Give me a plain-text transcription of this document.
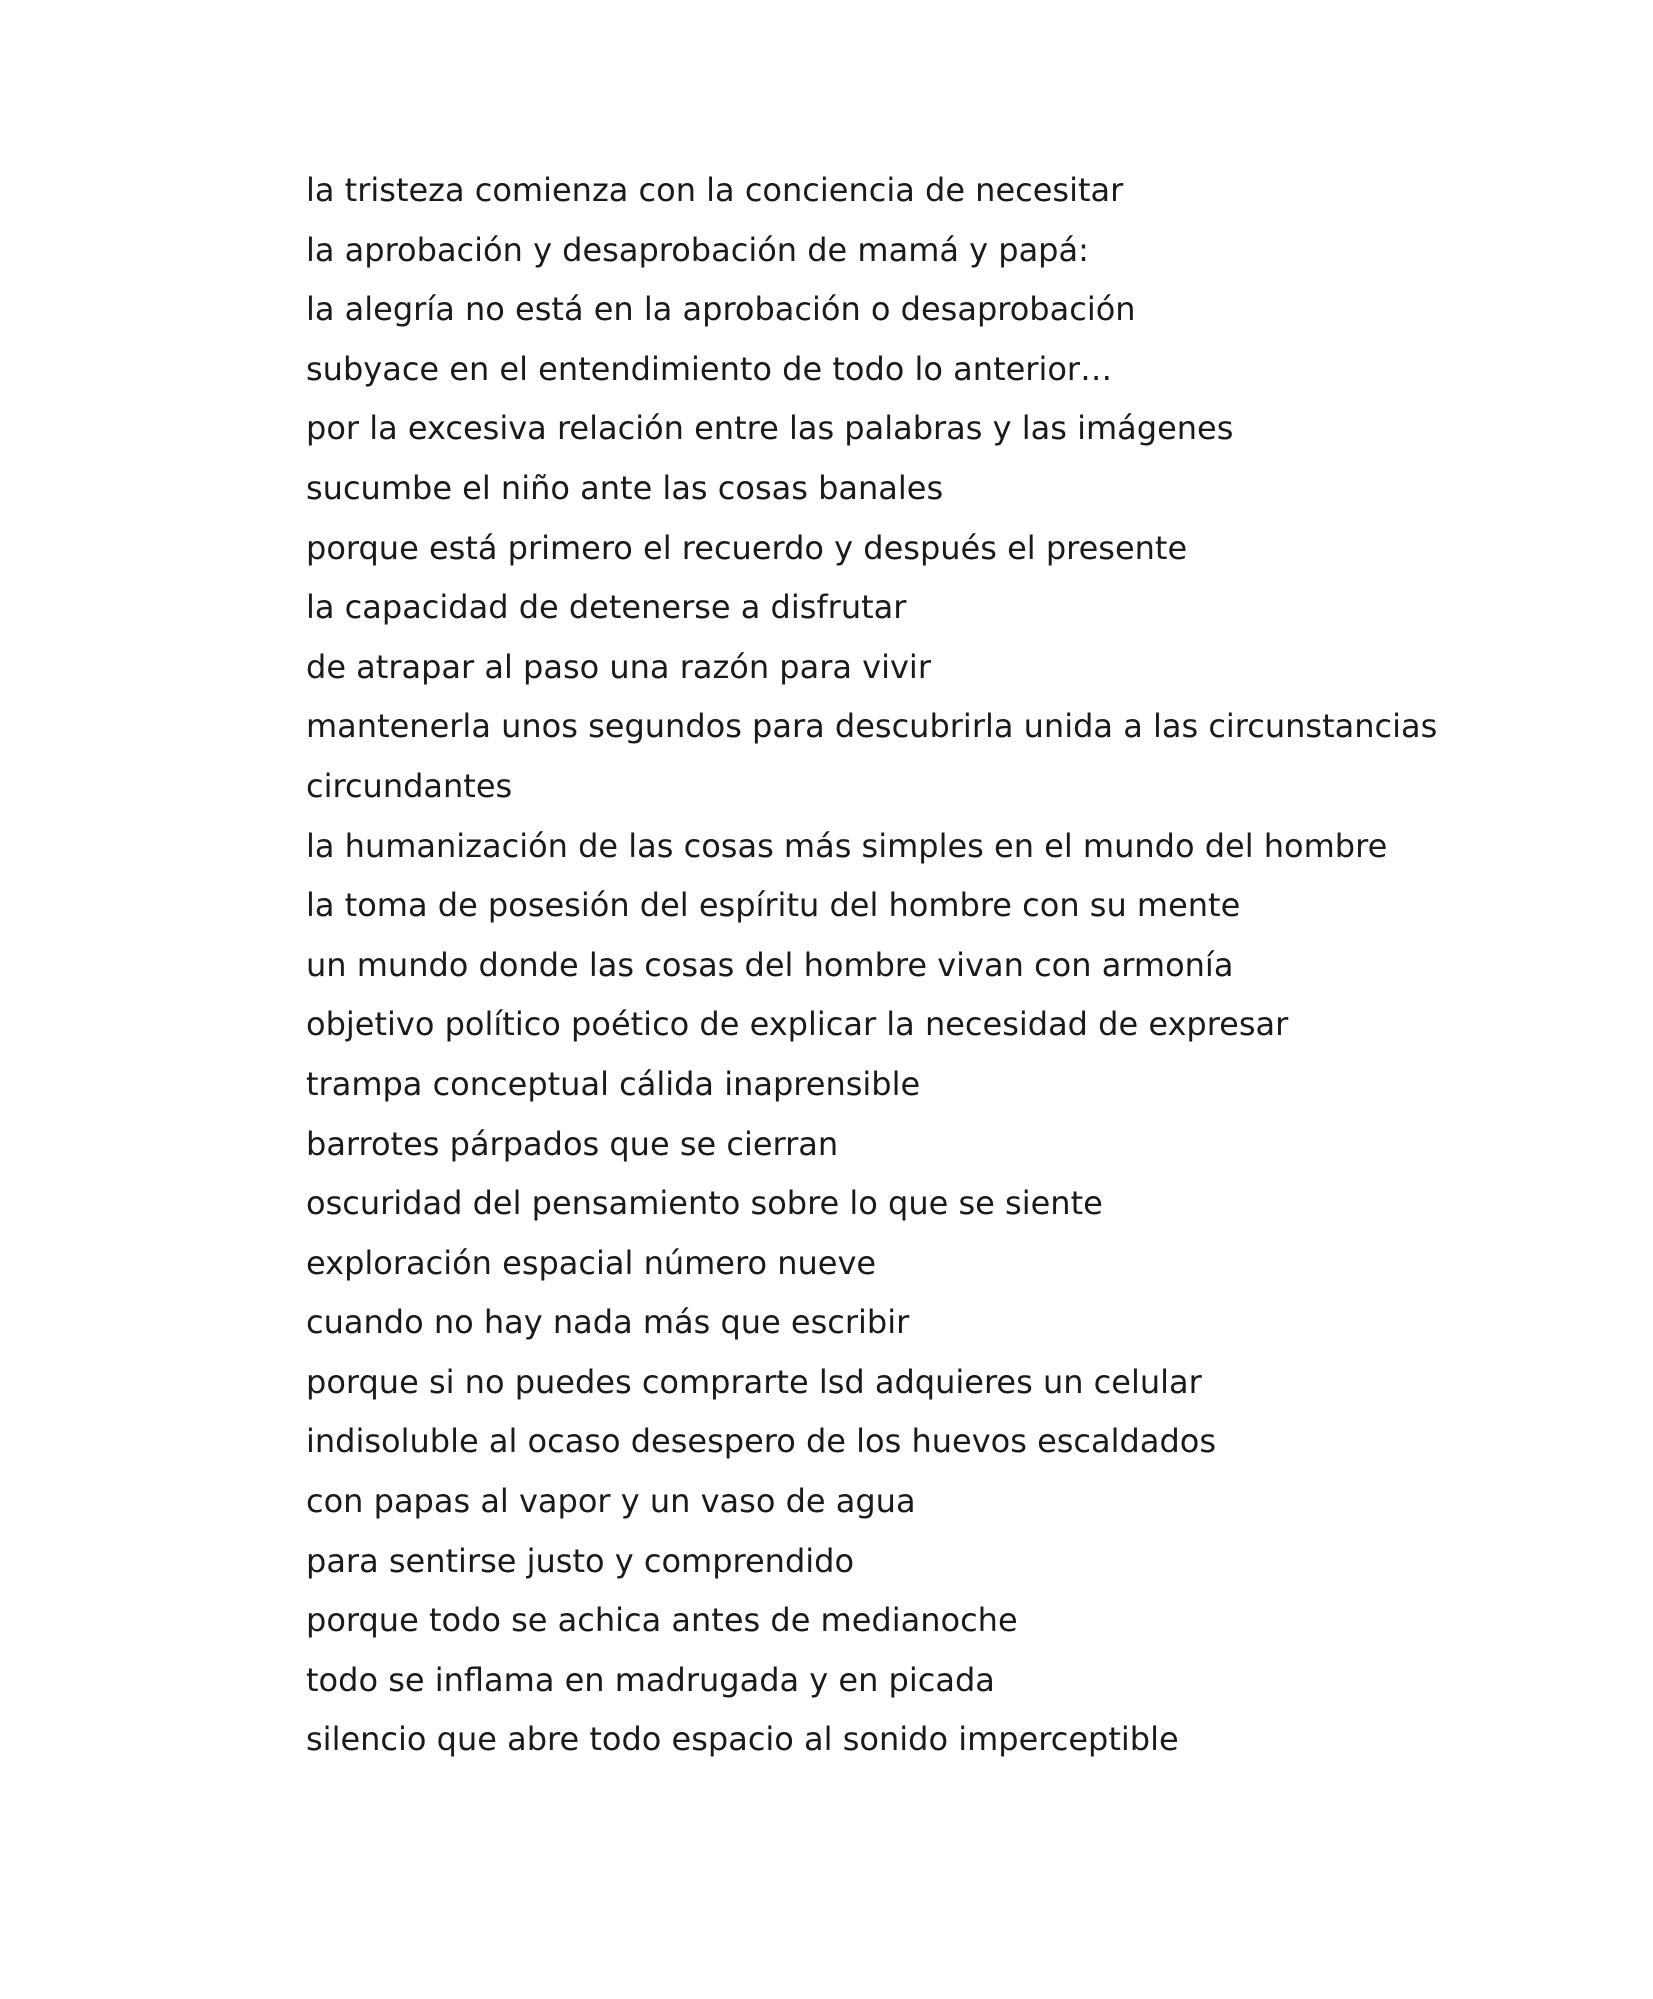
la tristeza comienza con la conciencia de necesitar
la aprobación y desaprobación de mamá y papá:
la alegría no está en la aprobación o desaprobación
subyace en el entendimiento de todo lo anterior…
por la excesiva relación entre las palabras y las imágenes
sucumbe el niño ante las cosas banales
porque está primero el recuerdo y después el presente
la capacidad de detenerse a disfrutar
de atrapar al paso una razón para vivir
mantenerla unos segundos para descubrirla unida a las circunstancias
circundantes
la humanización de las cosas más simples en el mundo del hombre
la toma de posesión del espíritu del hombre con su mente
un mundo donde las cosas del hombre vivan con armonía
objetivo político poético de explicar la necesidad de expresar
trampa conceptual cálida inaprensible
barrotes párpados que se cierran
oscuridad del pensamiento sobre lo que se siente
exploración espacial número nueve
cuando no hay nada más que escribir
porque si no puedes comprarte lsd adquieres un celular
indisoluble al ocaso desespero de los huevos escaldados
con papas al vapor y un vaso de agua
para sentirse justo y comprendido
porque todo se achica antes de medianoche
todo se inflama en madrugada y en picada
silencio que abre todo espacio al sonido imperceptible
